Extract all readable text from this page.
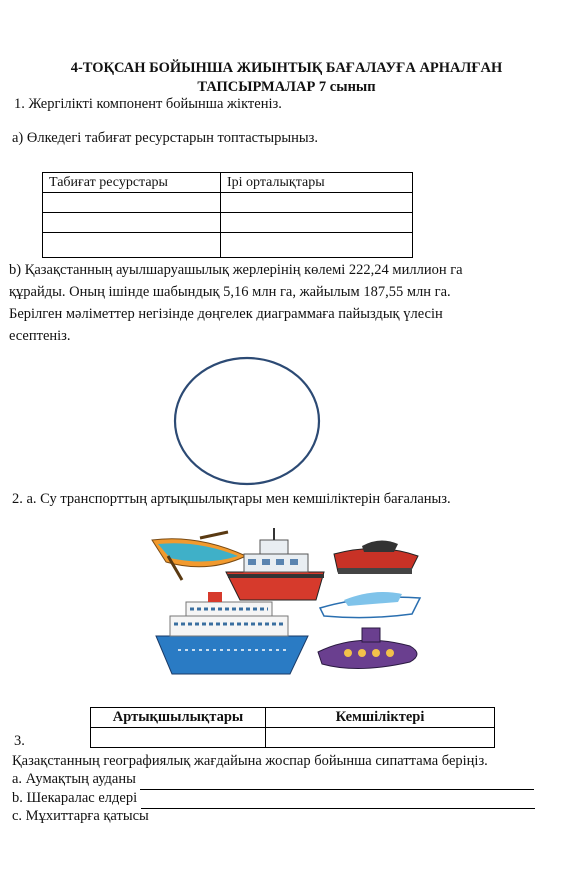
4-ТОҚСАН БОЙЫНША ЖИЫНТЫҚ БАҒАЛАУҒА АРНАЛҒАН
ТАПСЫРМАЛАР 7 сынып
1. Жергілікті компонент бойынша жіктеніз.
а) Өлкедегі табиғат ресурстарын топтастырыныз.
Табиғат ресурстары	Ірі орталықтары

b) Қазақстанның ауылшаруашылық жерлерінің көлемі 222,24 миллион га
құрайды. Оның ішінде шабындық 5,16 млн га, жайылым 187,55 млн га.
Берілген мәліметтер негізінде дөңгелек диаграммаға пайыздық үлесін
есептеніз.
2. а. Су транспорттың артықшылықтары мен кемшіліктерін бағаланыз.
Артықшылықтары	Кемшіліктері

3.
Қазақстанның географиялық жағдайына жоспар бойынша сипаттама беріңіз.
а. Аумақтың ауданы
b. Шекаралас елдері
с. Мұхиттарға қатысы
